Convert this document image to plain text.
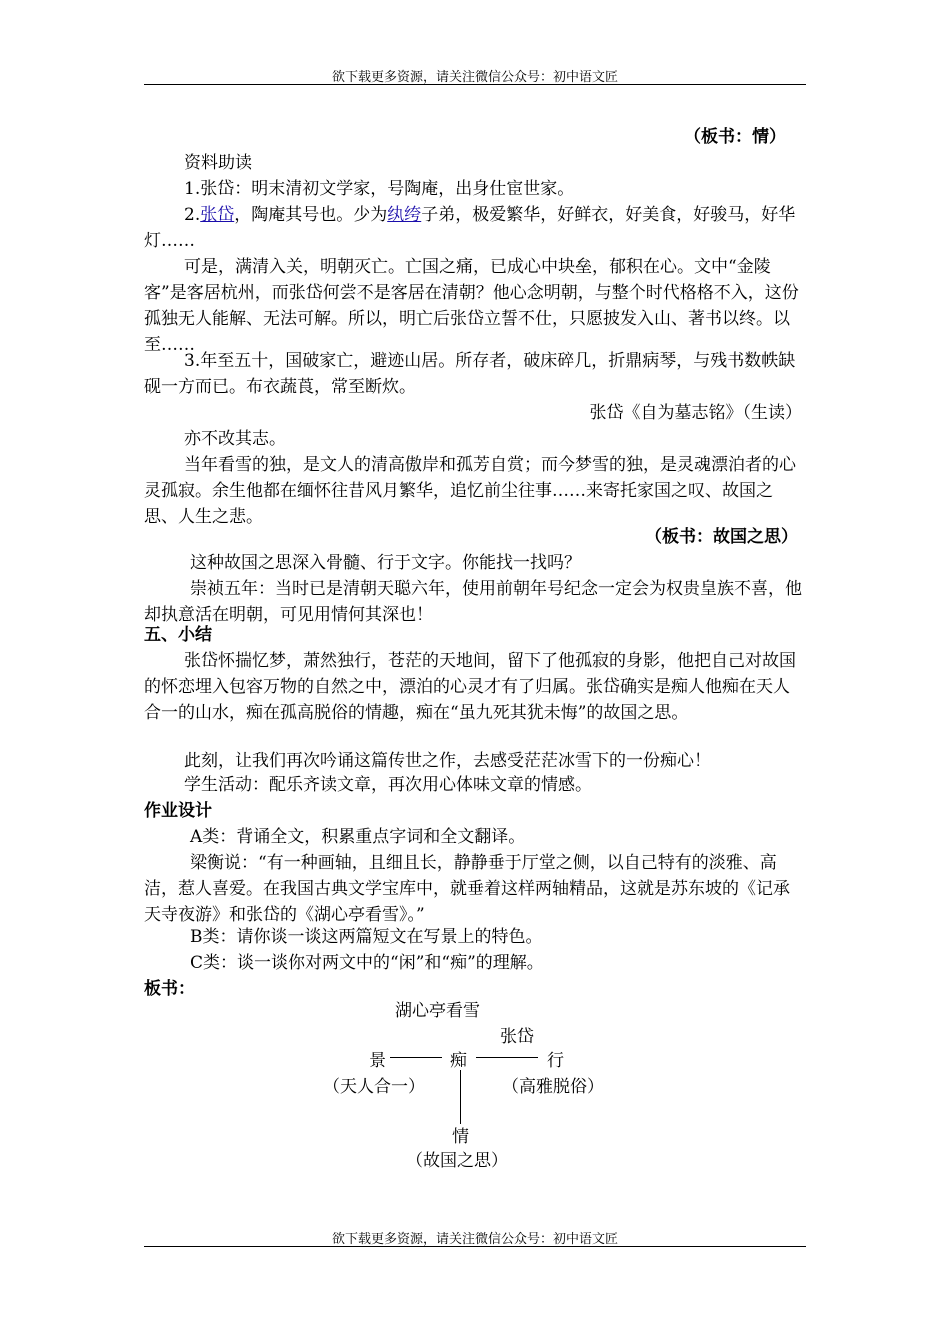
欲下载更多资源，请关注微信公众号：初中语文匠

（板书：情）

资料助读

1.张岱：明末清初文学家，号陶庵，出身仕宦世家。

2.张岱，陶庵其号也。少为纨绔子弟，极爱繁华，好鲜衣，好美食，好骏马，好华灯……

可是，满清入关，明朝灭亡。亡国之痛，已成心中块垒，郁积在心。文中“金陵客”是客居杭州，而张岱何尝不是客居在清朝？他心念明朝，与整个时代格格不入，这份孤独无人能解、无法可解。所以，明亡后张岱立誓不仕，只愿披发入山、著书以终。以至……

3.年至五十，国破家亡，避迹山居。所存者，破床碎几，折鼎病琴，与残书数帙缺砚一方而已。布衣蔬莨，常至断炊。

张岱《自为墓志铭》（生读）

亦不改其志。

当年看雪的独，是文人的清高傲岸和孤芳自赏；而今梦雪的独，是灵魂漂泊者的心灵孤寂。余生他都在缅怀往昔风月繁华，追忆前尘往事……来寄托家国之叹、故国之思、人生之悲。

（板书：故国之思）

这种故国之思深入骨髓、行于文字。你能找一找吗？

崇祯五年：当时已是清朝天聪六年，使用前朝年号纪念一定会为权贵皇族不喜，他却执意活在明朝，可见用情何其深也！

五、小结

张岱怀揣忆梦，萧然独行，苍茫的天地间，留下了他孤寂的身影，他把自己对故国的怀恋埋入包容万物的自然之中，漂泊的心灵才有了归属。张岱确实是痴人他痴在天人合一的山水，痴在孤高脱俗的情趣，痴在“虽九死其犹未悔”的故国之思。

此刻，让我们再次吟诵这篇传世之作，去感受茫茫冰雪下的一份痴心！

学生活动：配乐齐读文章，再次用心体味文章的情感。

作业设计

A类：背诵全文，积累重点字词和全文翻译。

梁衡说：“有一种画轴，且细且长，静静垂于厅堂之侧，以自己特有的淡雅、高洁，惹人喜爱。在我国古典文学宝库中，就垂着这样两轴精品，这就是苏东坡的《记承天寺夜游》和张岱的《湖心亭看雪》。”

B类：请你谈一谈这两篇短文在写景上的特色。

C类：谈一谈你对两文中的“闲”和“痴”的理解。

板书：

湖心亭看雪
张岱
景	痴	行
（天人合一）	（高雅脱俗）
情
（故国之思）
欲下载更多资源，请关注微信公众号：初中语文匠
